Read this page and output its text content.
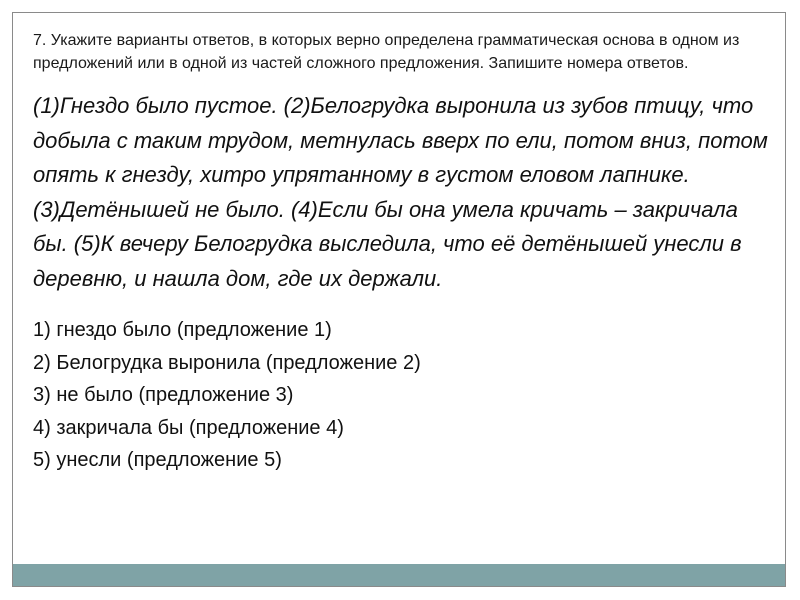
7. Укажите варианты ответов, в которых верно определена грамматическая основа в одном из предложений или в одной из частей сложного предложения. Запишите номера ответов.

(1)Гнездо было пустое. (2)Белогрудка выронила из зубов птицу, что добыла с таким трудом, метнулась вверх по ели, потом вниз, потом опять к гнезду, хитро упрятанному в густом еловом лапнике. (3)Детёнышей не было. (4)Если бы она умела кричать – закричала бы. (5)К вечеру Белогрудка выследила, что её детёнышей унесли в деревню, и нашла дом, где их держали.

1) гнездо было (предложение 1)
2) Белогрудка выронила (предложение 2)
3) не было (предложение 3)
4) закричала бы (предложение 4)
5) унесли (предложение 5)
